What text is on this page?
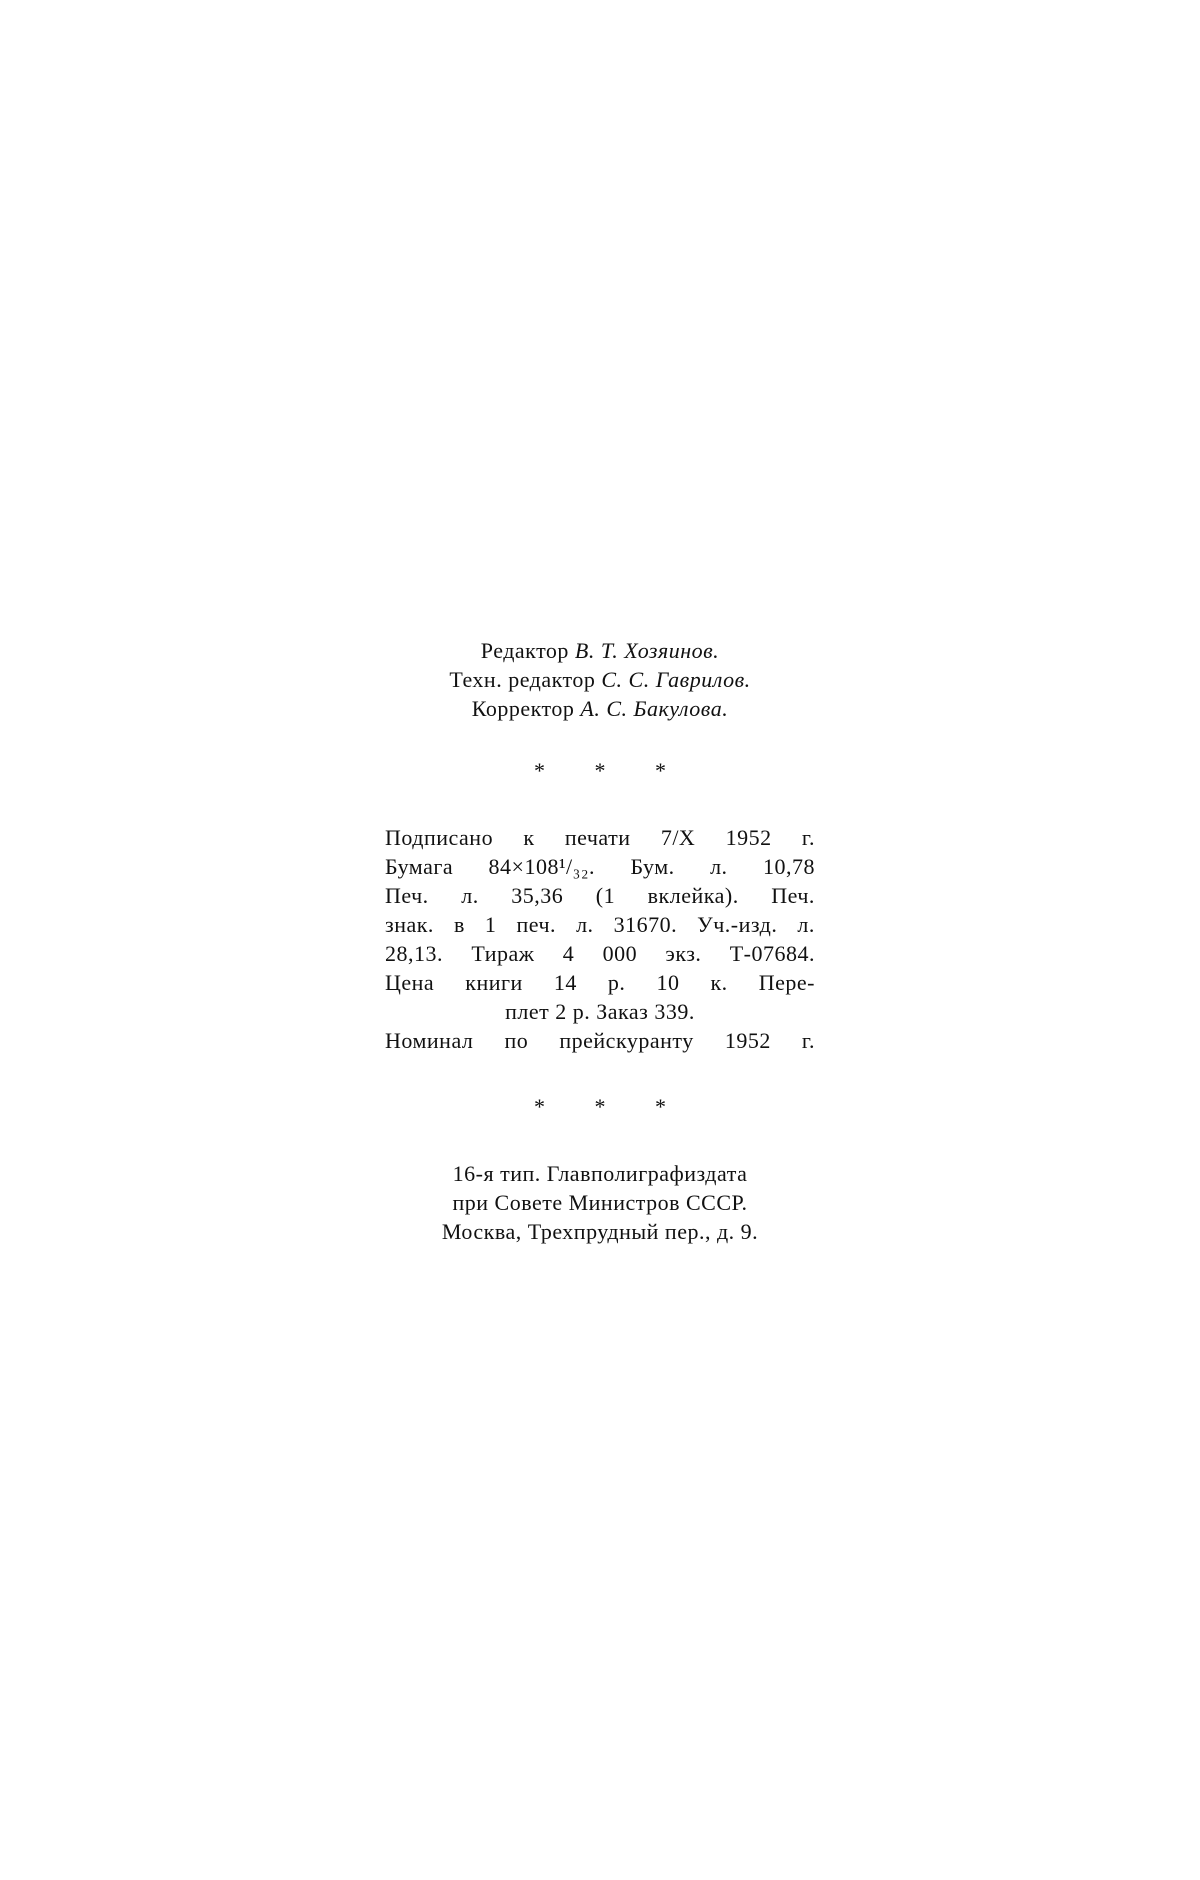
Редактор В. Т. Хозяинов.
Техн. редактор С. С. Гаврилов.
Корректор А. С. Бакулова.
* * *
Подписано к печати 7/X 1952 г.
Бумага 84×108¹/₃₂. Бум. л. 10,78
Печ. л. 35,36 (1 вклейка). Печ.
знак. в 1 печ. л. 31670. Уч.-изд. л.
28,13. Тираж 4 000 экз. Т-07684.
Цена книги 14 р. 10 к. Пере-
плет 2 р. Заказ 339.
Номинал по прейскуранту 1952 г.
* * *
16-я тип. Главполиграфиздата
при Совете Министров СССР.
Москва, Трехпрудный пер., д. 9.
